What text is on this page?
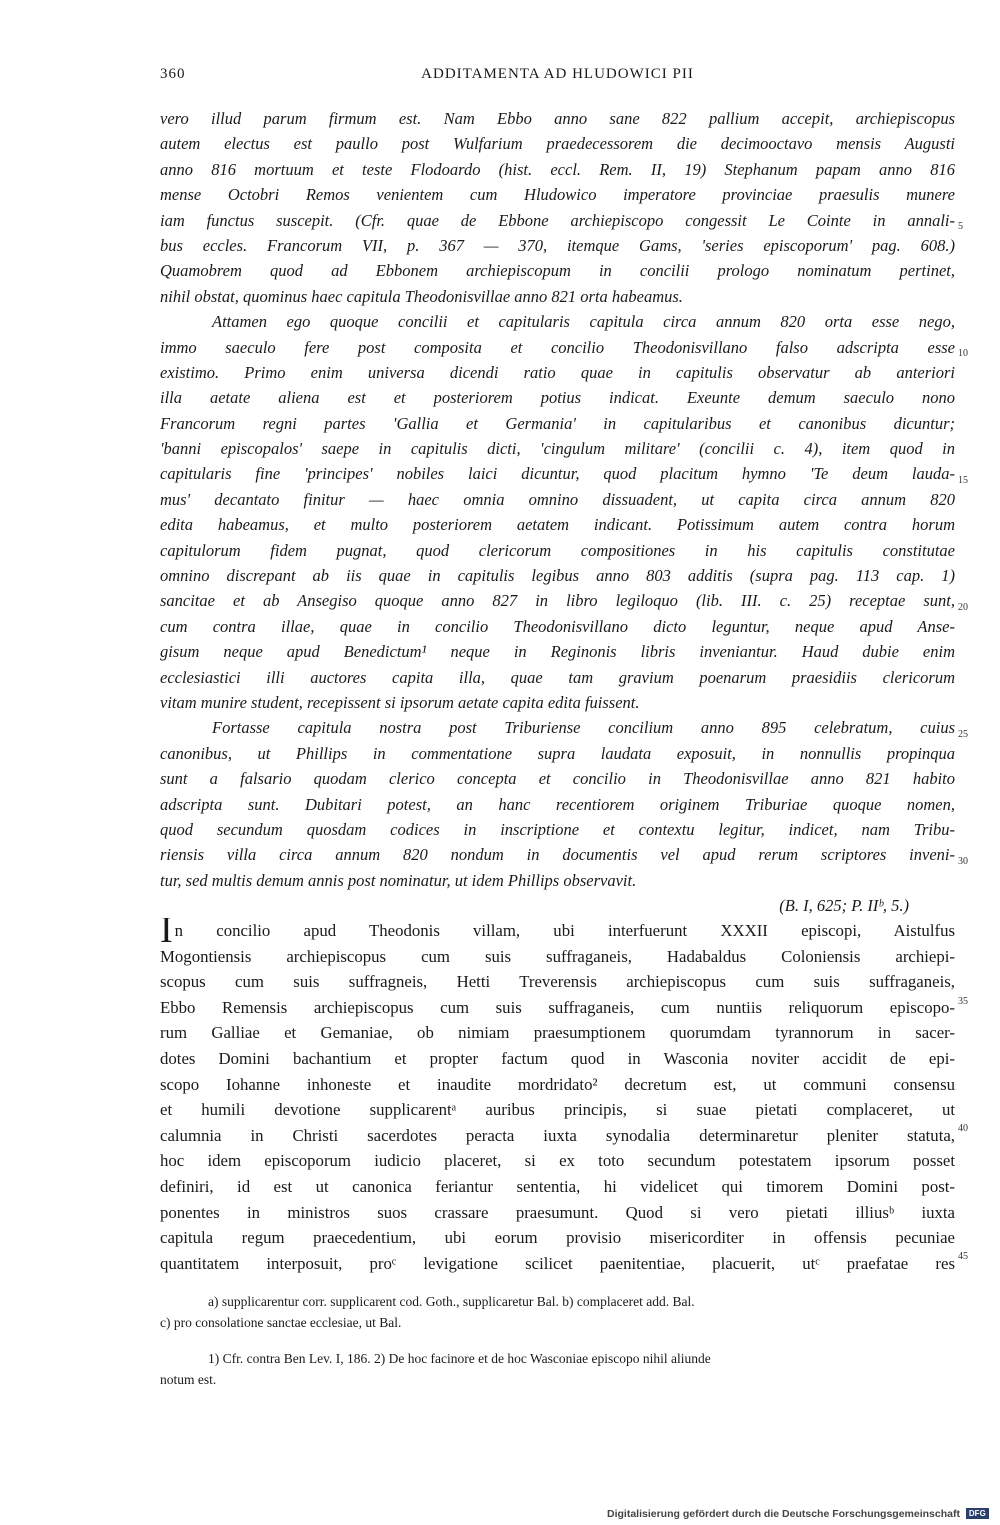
360	ADDITAMENTA AD HLUDOWICI PII
vero illud parum firmum est. Nam Ebbo anno sane 822 pallium accepit, archiepiscopus
autem electus est paullo post Wulfarium praedecessorem die decimooctavo mensis Augusti
anno 816 mortuum et teste Flodoardo (hist. eccl. Rem. II, 19) Stephanum papam anno 816
mense Octobri Remos venientem cum Hludowico imperatore provinciae praesulis munere
iam functus suscepit. (Cfr. quae de Ebbone archiepiscopo congessit Le Cointe in annali-
bus eccles. Francorum VII, p. 367 — 370, itemque Gams, 'series episcoporum' pag. 608.)
Quamobrem quod ad Ebbonem archiepiscopum in concilii prologo nominatum pertinet,
nihil obstat, quominus haec capitula Theodonisvillae anno 821 orta habeamus.
Attamen ego quoque concilii et capitularis capitula circa annum 820 orta esse nego,
immo saeculo fere post composita et concilio Theodonisvillano falso adscripta esse
existimo. Primo enim universa dicendi ratio quae in capitulis observatur ab anteriori
illa aetate aliena est et posteriorem potius indicat. Exeunte demum saeculo nono
Francorum regni partes 'Gallia et Germania' in capitularibus et canonibus dicuntur;
'banni episcopalos' saepe in capitulis dicti, 'cingulum militare' (concilii c. 4), item quod in
capitularis fine 'principes' nobiles laici dicuntur, quod placitum hymno 'Te deum lauda-
mus' decantato finitur — haec omnia omnino dissuadent, ut capita circa annum 820
edita habeamus, et multo posteriorem aetatem indicant. Potissimum autem contra horum
capitulorum fidem pugnat, quod clericorum compositiones in his capitulis constitutae
omnino discrepant ab iis quae in capitulis legibus anno 803 additis (supra pag. 113 cap. 1)
sancitae et ab Ansegiso quoque anno 827 in libro legiloquo (lib. III. c. 25) receptae sunt,
cum contra illae, quae in concilio Theodonisvillano dicto leguntur, neque apud Anse-
gisum neque apud Benedictum¹ neque in Reginonis libris inveniantur. Haud dubie enim
ecclesiastici illi auctores capita illa, quae tam gravium poenarum praesidiis clericorum
vitam munire student, recepissent si ipsorum aetate capita edita fuissent.
Fortasse capitula nostra post Triburiense concilium anno 895 celebratum, cuius
canonibus, ut Phillips in commentatione supra laudata exposuit, in nonnullis propinqua
sunt a falsario quodam clerico concepta et concilio in Theodonisvillae anno 821 habito
adscripta sunt. Dubitari potest, an hanc recentiorem originem Triburiae quoque nomen,
quod secundum quosdam codices in inscriptione et contextu legitur, indicet, nam Tribu-
riensis villa circa annum 820 nondum in documentis vel apud rerum scriptores inveni-
tur, sed multis demum annis post nominatur, ut idem Phillips observavit.
(B. I, 625; P. IIᵇ, 5.)
In concilio apud Theodonis villam, ubi interfuerunt XXXII episcopi, Aistulfus
Mogontiensis archiepiscopus cum suis suffraganeis, Hadabaldus Coloniensis archiepi-
scopus cum suis suffragneis, Hetti Treverensis archiepiscopus cum suis suffraganeis,
Ebbo Remensis archiepiscopus cum suis suffraganeis, cum nuntiis reliquorum episcopo-
rum Galliae et Gemaniae, ob nimiam praesumptionem quorumdam tyrannorum in sacer-
dotes Domini bachantium et propter factum quod in Wasconia noviter accidit de epi-
scopo Iohanne inhoneste et inaudite mordridato² decretum est, ut communi consensu
et humili devotione supplicarentᵃ auribus principis, si suae pietati complaceret, ut
calumnia in Christi sacerdotes peracta iuxta synodalia determinaretur pleniter statuta,
hoc idem episcoporum iudicio placeret, si ex toto secundum potestatem ipsorum posset
definiri, id est ut canonica feriantur sententia, hi videlicet qui timorem Domini post-
ponentes in ministros suos crassare praesumunt. Quod si vero pietati illiusᵇ iuxta
capitula regum praecedentium, ubi eorum provisio misericorditer in offensis pecuniae
quantitatem interposuit, proᶜ levigatione scilicet paenitentiae, placuerit, utᶜ praefatae res
5
10
15
20
25
30
35
40
45
a) supplicarentur corr. supplicarent cod. Goth., supplicaretur Bal. b) complaceret add. Bal.
c) pro consolatione sanctae ecclesiae, ut Bal.
1) Cfr. contra Ben Lev. I, 186. 2) De hoc facinore et de hoc Wasconiae episcopo nihil aliunde
notum est.
Digitalisierung gefördert durch die Deutsche Forschungsgemeinschaft DFG
